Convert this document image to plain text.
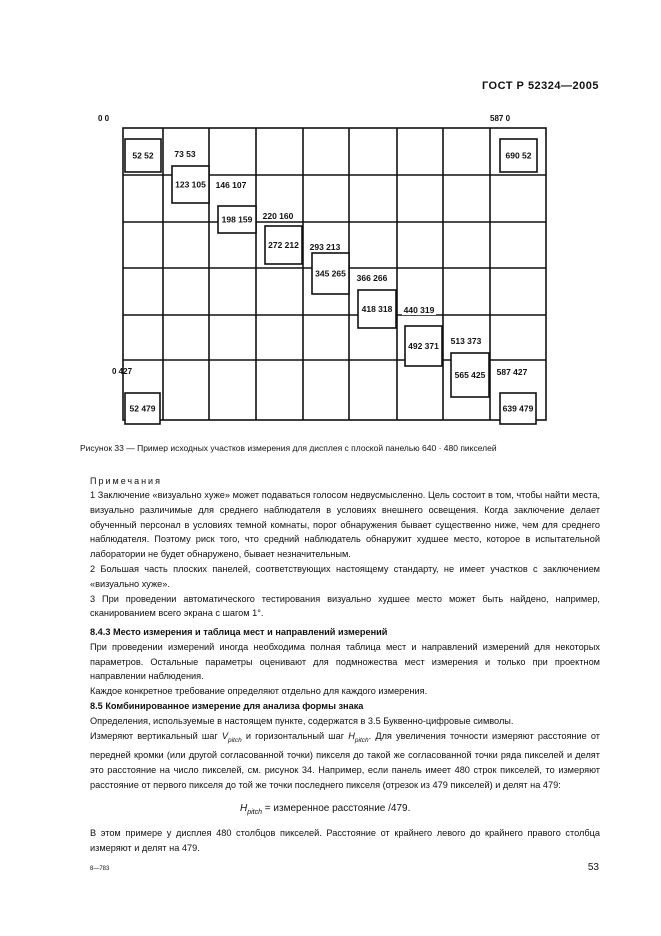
ГОСТ Р 52324—2005
0 0	587 0
0 427
52 52
123 105
198 159
272 212
345 265
418 318
492 371
565 425
639 479
690 52
52 479
73 53
146 107
220 160
293 213
366 266
440 319
513 373
587 427
Рисунок 33 — Пример исходных участков измерения для дисплея с плоской панелью 640 · 480 пикселей
Примечания

1 Заключение «визуально хуже» может подаваться голосом недвусмысленно. Цель состоит в том, чтобы найти места, визуально различимые для среднего наблюдателя в условиях внешнего освещения. Когда заключение делает обученный персонал в условиях темной комнаты, порог обнаружения бывает существенно ниже, чем для среднего наблюдателя. Поэтому риск того, что средний наблюдатель обнаружит худшее место, которое в испытательной лаборатории не будет обнаружено, бывает незначительным.

2 Большая часть плоских панелей, соответствующих настоящему стандарту, не имеет участков с заключением «визуально хуже».

3 При проведении автоматического тестирования визуально худшее место может быть найдено, например, сканированием всего экрана с шагом 1°.

8.4.3 Место измерения и таблица мест и направлений измерений

При проведении измерений иногда необходима полная таблица мест и направлений измерений для некоторых параметров. Остальные параметры оценивают для подмножества мест измерения и только при проектном направлении наблюдения.

Каждое конкретное требование определяют отдельно для каждого измерения.

8.5 Комбинированное измерение для анализа формы знака

Определения, используемые в настоящем пункте, содержатся в 3.5 Буквенно-цифровые символы.

Измеряют вертикальный шаг $V_{pitch}$ и горизонтальный шаг $H_{pitch}$. Для увеличения точности измеряют расстояние от передней кромки (или другой согласованной точки) пикселя до такой же согласованной точки ряда пикселей и делят это расстояние на число пикселей, см. рисунок 34. Например, если панель имеет 480 строк пикселей, то измеряют расстояние от первого пикселя до той же точки последнего пикселя (отрезок из 479 пикселей) и делят на 479:

$H_{pitch}$ = измеренное расстояние /479.

В этом примере у дисплея 480 столбцов пикселей. Расстояние от крайнего левого до крайнего правого столбца измеряют и делят на 479.

8—783	53
